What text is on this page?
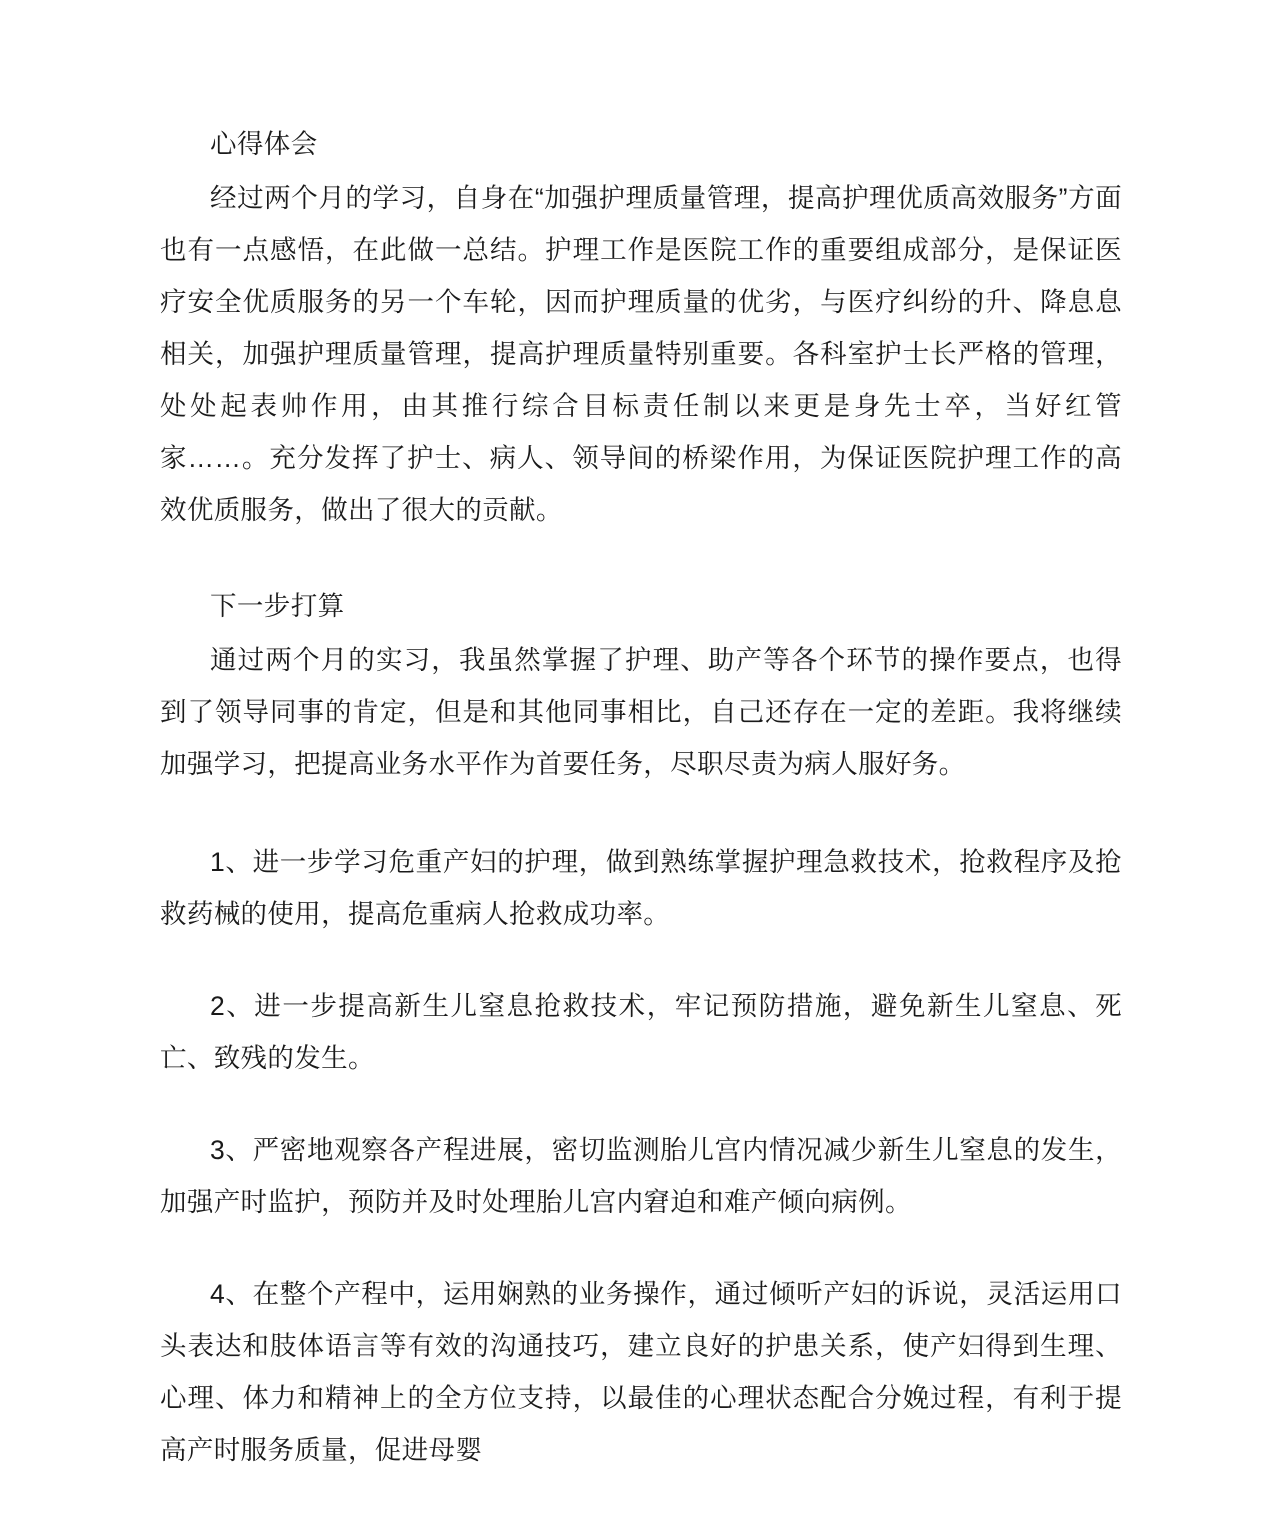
心得体会

经过两个月的学习，自身在“加强护理质量管理，提高护理优质高效服务”方面也有一点感悟，在此做一总结。护理工作是医院工作的重要组成部分，是保证医疗安全优质服务的另一个车轮，因而护理质量的优劣，与医疗纠纷的升、降息息相关，加强护理质量管理，提高护理质量特别重要。各科室护士长严格的管理，处处起表帅作用，由其推行综合目标责任制以来更是身先士卒，当好红管家……。充分发挥了护士、病人、领导间的桥梁作用，为保证医院护理工作的高效优质服务，做出了很大的贡献。

下一步打算

通过两个月的实习，我虽然掌握了护理、助产等各个环节的操作要点，也得到了领导同事的肯定，但是和其他同事相比，自己还存在一定的差距。我将继续加强学习，把提高业务水平作为首要任务，尽职尽责为病人服好务。

1、进一步学习危重产妇的护理，做到熟练掌握护理急救技术，抢救程序及抢救药械的使用，提高危重病人抢救成功率。

2、进一步提高新生儿窒息抢救技术，牢记预防措施，避免新生儿窒息、死亡、致残的发生。

3、严密地观察各产程进展，密切监测胎儿宫内情况减少新生儿窒息的发生，加强产时监护，预防并及时处理胎儿宫内窘迫和难产倾向病例。

4、在整个产程中，运用娴熟的业务操作，通过倾听产妇的诉说，灵活运用口头表达和肢体语言等有效的沟通技巧，建立良好的护患关系，使产妇得到生理、心理、体力和精神上的全方位支持，以最佳的心理状态配合分娩过程，有利于提高产时服务质量，促进母婴
